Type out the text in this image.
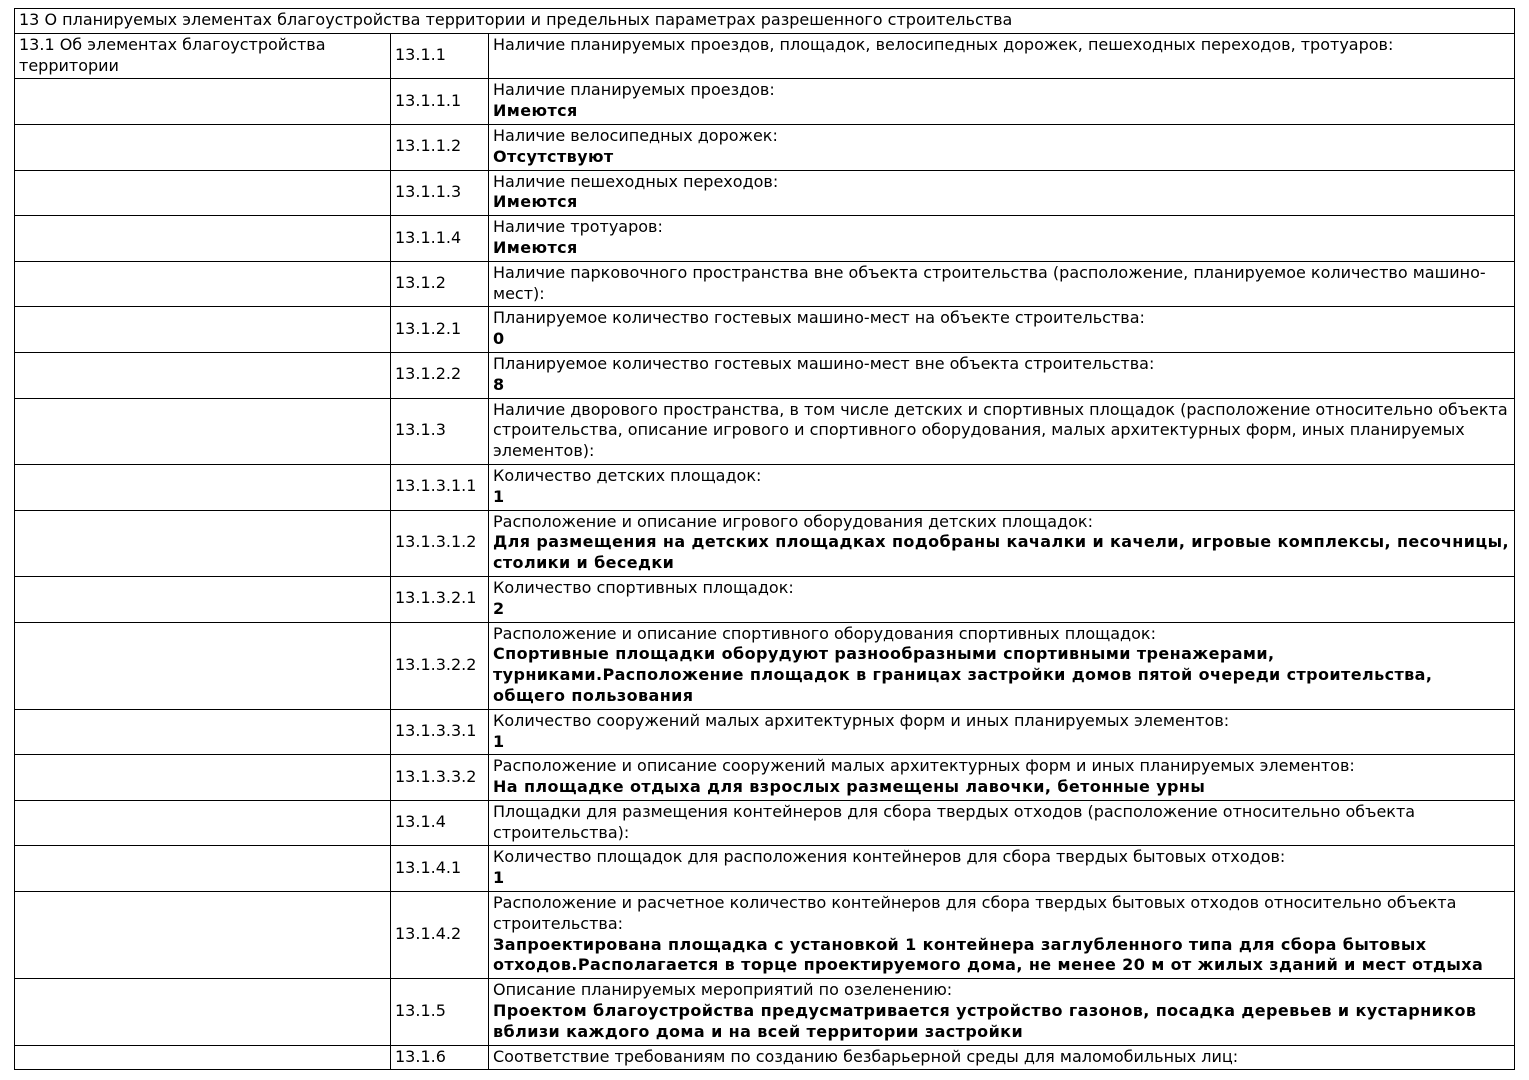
13 О планируемых элементах благоустройства территории и предельных параметрах разрешенного строительства		
13.1 Об элементах благоустройства территории	13.1.1	Наличие планируемых проездов, площадок, велосипедных дорожек, пешеходных переходов, тротуаров:

	13.1.1.1	Наличие планируемых проездов:
Имеются

	13.1.1.2	Наличие велосипедных дорожек:
Отсутствуют

	13.1.1.3	Наличие пешеходных переходов:
Имеются

	13.1.1.4	Наличие тротуаров:
Имеются

	13.1.2	Наличие парковочного пространства вне объекта строительства (расположение, планируемое количество машино-мест):

	13.1.2.1	Планируемое количество гостевых машино-мест на объекте строительства:
0

	13.1.2.2	Планируемое количество гостевых машино-мест вне объекта строительства:
8

	13.1.3	Наличие дворового пространства, в том числе детских и спортивных площадок (расположение относительно объекта строительства, описание игрового и спортивного оборудования, малых архитектурных форм, иных планируемых элементов):

	13.1.3.1.1	Количество детских площадок:
1

	13.1.3.1.2	Расположение и описание игрового оборудования детских площадок:
Для размещения на детских площадках подобраны качалки и качели, игровые комплексы, песочницы, столики и беседки

	13.1.3.2.1	Количество спортивных площадок:
2

	13.1.3.2.2	Расположение и описание спортивного оборудования спортивных площадок:
Спортивные площадки оборудуют разнообразными спортивными тренажерами, турниками.Расположение площадок в границах застройки домов пятой очереди строительства, общего пользования

	13.1.3.3.1	Количество сооружений малых архитектурных форм и иных планируемых элементов:
1

	13.1.3.3.2	Расположение и описание сооружений малых архитектурных форм и иных планируемых элементов:
На площадке отдыха для взрослых размещены лавочки, бетонные урны

	13.1.4	Площадки для размещения контейнеров для сбора твердых отходов (расположение относительно объекта строительства):

	13.1.4.1	Количество площадок для расположения контейнеров для сбора твердых бытовых отходов:
1

	13.1.4.2	Расположение и расчетное количество контейнеров для сбора твердых бытовых отходов относительно объекта строительства:
Запроектирована площадка с установкой 1 контейнера заглубленного типа для сбора бытовых отходов.Располагается в торце проектируемого дома, не менее 20 м от жилых зданий и мест отдыха

	13.1.5	Описание планируемых мероприятий по озеленению:
Проектом благоустройства предусматривается устройство газонов, посадка деревьев и кустарников вблизи каждого дома и на всей территории застройки

	13.1.6	Соответствие требованиям по созданию безбарьерной среды для маломобильных лиц:
